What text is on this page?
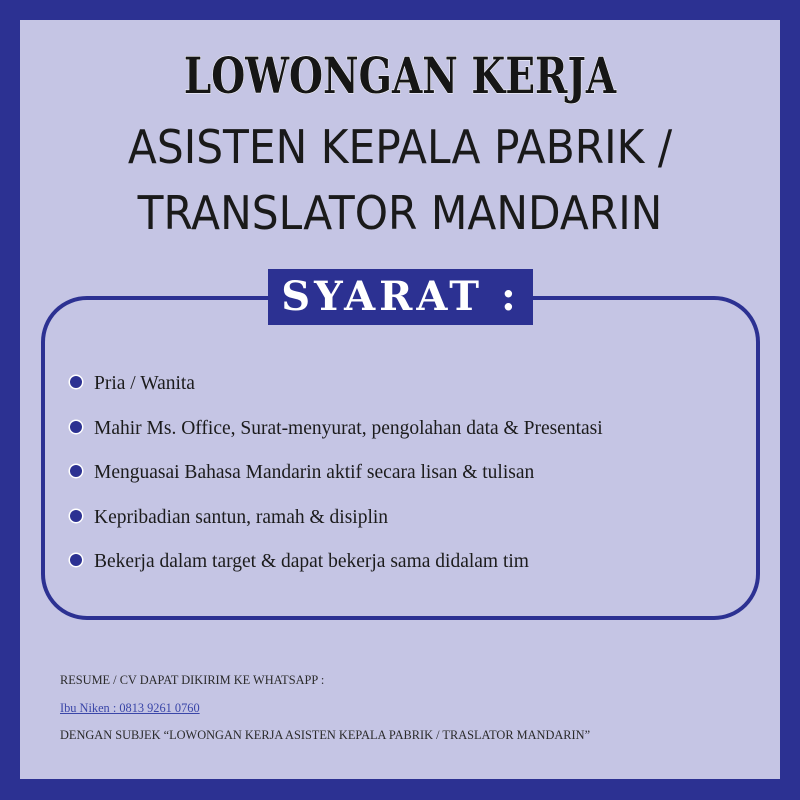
LOWONGAN KERJA
ASISTEN KEPALA PABRIK /
TRANSLATOR MANDARIN
SYARAT :
Pria / Wanita
Mahir Ms. Office, Surat-menyurat, pengolahan data & Presentasi
Menguasai Bahasa Mandarin aktif secara lisan & tulisan
Kepribadian santun, ramah & disiplin
Bekerja dalam target & dapat bekerja sama didalam tim
RESUME / CV DAPAT DIKIRIM KE WHATSAPP :
Ibu Niken : 0813 9261 0760
DENGAN SUBJEK “LOWONGAN KERJA ASISTEN KEPALA PABRIK / TRASLATOR MANDARIN”
